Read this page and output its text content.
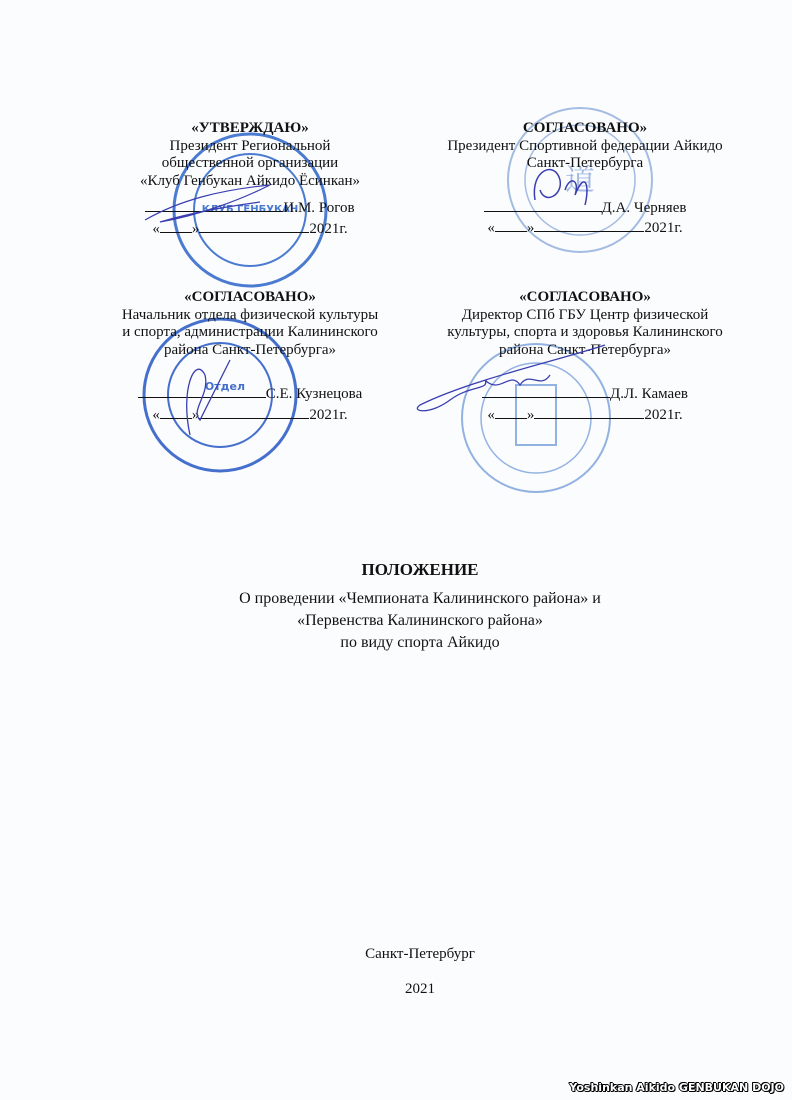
КЛУБ ГЕНБУКАН
道
Отдел
«УТВЕРЖДАЮ»
Президент Региональной
общественной организации
«Клуб Генбукан Айкидо Ёсинкан»
И.М. Рогов
« »	2021г.
СОГЛАСОВАНО»
Президент Спортивной федерации Айкидо
Санкт-Петербурга
Д.А. Черняев
« »	2021г.
«СОГЛАСОВАНО»
Начальник отдела физической культуры
и спорта, администрации Калининского
района Санкт-Петербурга»
С.Е. Кузнецова
« »	2021г.
«СОГЛАСОВАНО»
Директор СПб ГБУ Центр физической
культуры, спорта и здоровья Калининского
района Санкт-Петербурга»
Д.Л. Камаев
« »	2021г.
ПОЛОЖЕНИЕ
О проведении «Чемпионата Калининского района» и
«Первенства Калининского района»
по виду спорта Айкидо
Санкт-Петербург
2021
Yoshinkan Aikido GENBUKAN DOJO
